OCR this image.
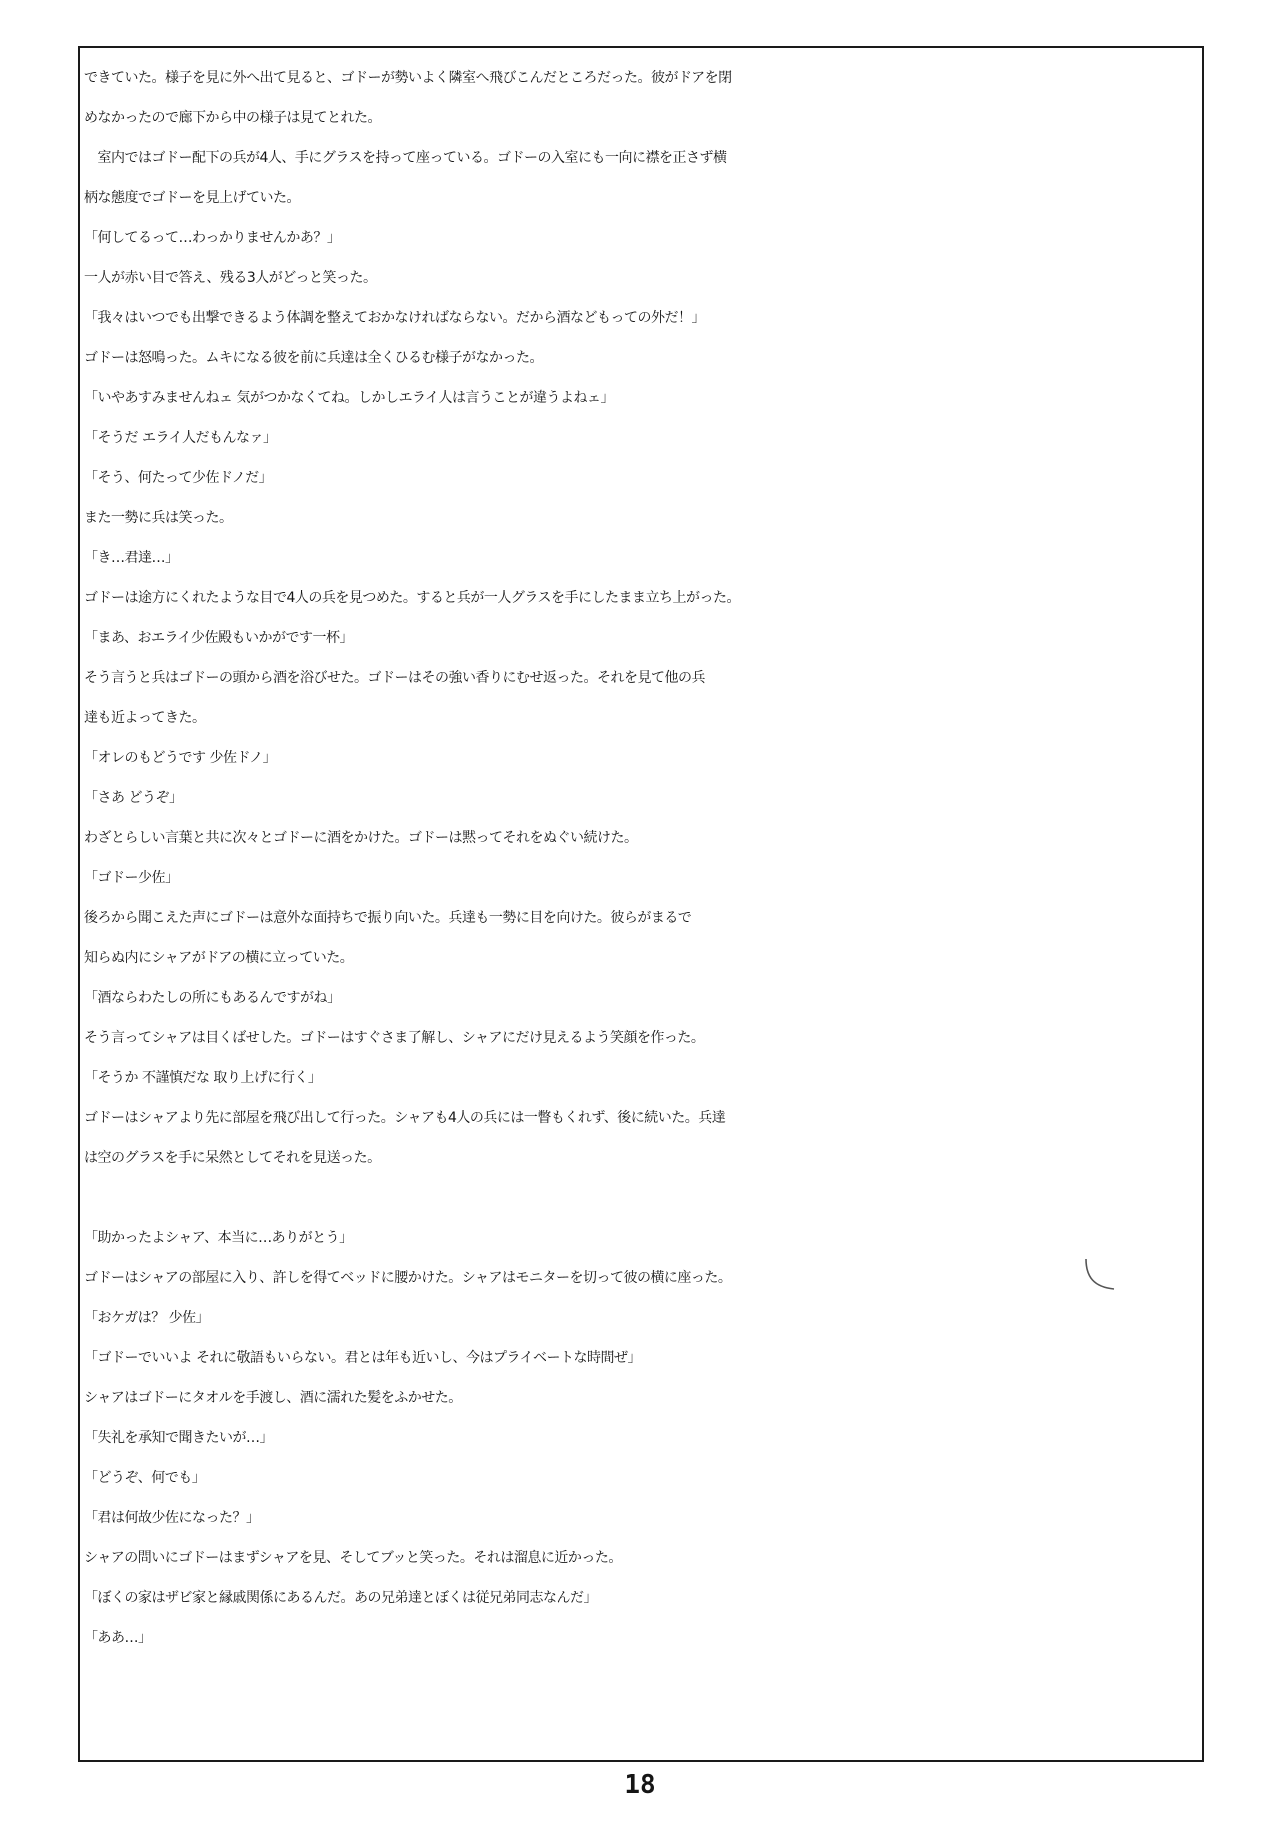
できていた。様子を見に外へ出て見ると、ゴドーが勢いよく隣室へ飛びこんだところだった。彼がドアを閉
めなかったので廊下から中の様子は見てとれた。
　室内ではゴドー配下の兵が4人、手にグラスを持って座っている。ゴドーの入室にも一向に襟を正さず横
柄な態度でゴドーを見上げていた。
「何してるって…わっかりませんかあ？」
一人が赤い目で答え、残る3人がどっと笑った。
「我々はいつでも出撃できるよう体調を整えておかなければならない。だから酒などもっての外だ！」
ゴドーは怒鳴った。ムキになる彼を前に兵達は全くひるむ様子がなかった。
「いやあすみませんねェ 気がつかなくてね。しかしエライ人は言うことが違うよねェ」
「そうだ エライ人だもんなァ」
「そう、何たって少佐ドノだ」
また一勢に兵は笑った。
「き…君達…」
ゴドーは途方にくれたような目で4人の兵を見つめた。すると兵が一人グラスを手にしたまま立ち上がった。
「まあ、おエライ少佐殿もいかがです一杯」
そう言うと兵はゴドーの頭から酒を浴びせた。ゴドーはその強い香りにむせ返った。それを見て他の兵
達も近よってきた。
「オレのもどうです 少佐ドノ」
「さあ どうぞ」
わざとらしい言葉と共に次々とゴドーに酒をかけた。ゴドーは黙ってそれをぬぐい続けた。
「ゴドー少佐」
後ろから聞こえた声にゴドーは意外な面持ちで振り向いた。兵達も一勢に目を向けた。彼らがまるで
知らぬ内にシャアがドアの横に立っていた。
「酒ならわたしの所にもあるんですがね」
そう言ってシャアは目くばせした。ゴドーはすぐさま了解し、シャアにだけ見えるよう笑顔を作った。
「そうか 不謹慎だな 取り上げに行く」
ゴドーはシャアより先に部屋を飛び出して行った。シャアも4人の兵には一瞥もくれず、後に続いた。兵達
は空のグラスを手に呆然としてそれを見送った。
「助かったよシャア、本当に…ありがとう」
ゴドーはシャアの部屋に入り、許しを得てベッドに腰かけた。シャアはモニターを切って彼の横に座った。
「おケガは？ 少佐」
「ゴドーでいいよ それに敬語もいらない。君とは年も近いし、今はプライベートな時間ぜ」
シャアはゴドーにタオルを手渡し、酒に濡れた髪をふかせた。
「失礼を承知で聞きたいが…」
「どうぞ、何でも」
「君は何故少佐になった？」
シャアの問いにゴドーはまずシャアを見、そしてブッと笑った。それは溜息に近かった。
「ぼくの家はザビ家と縁戚関係にあるんだ。あの兄弟達とぼくは従兄弟同志なんだ」
「ああ…」
18
